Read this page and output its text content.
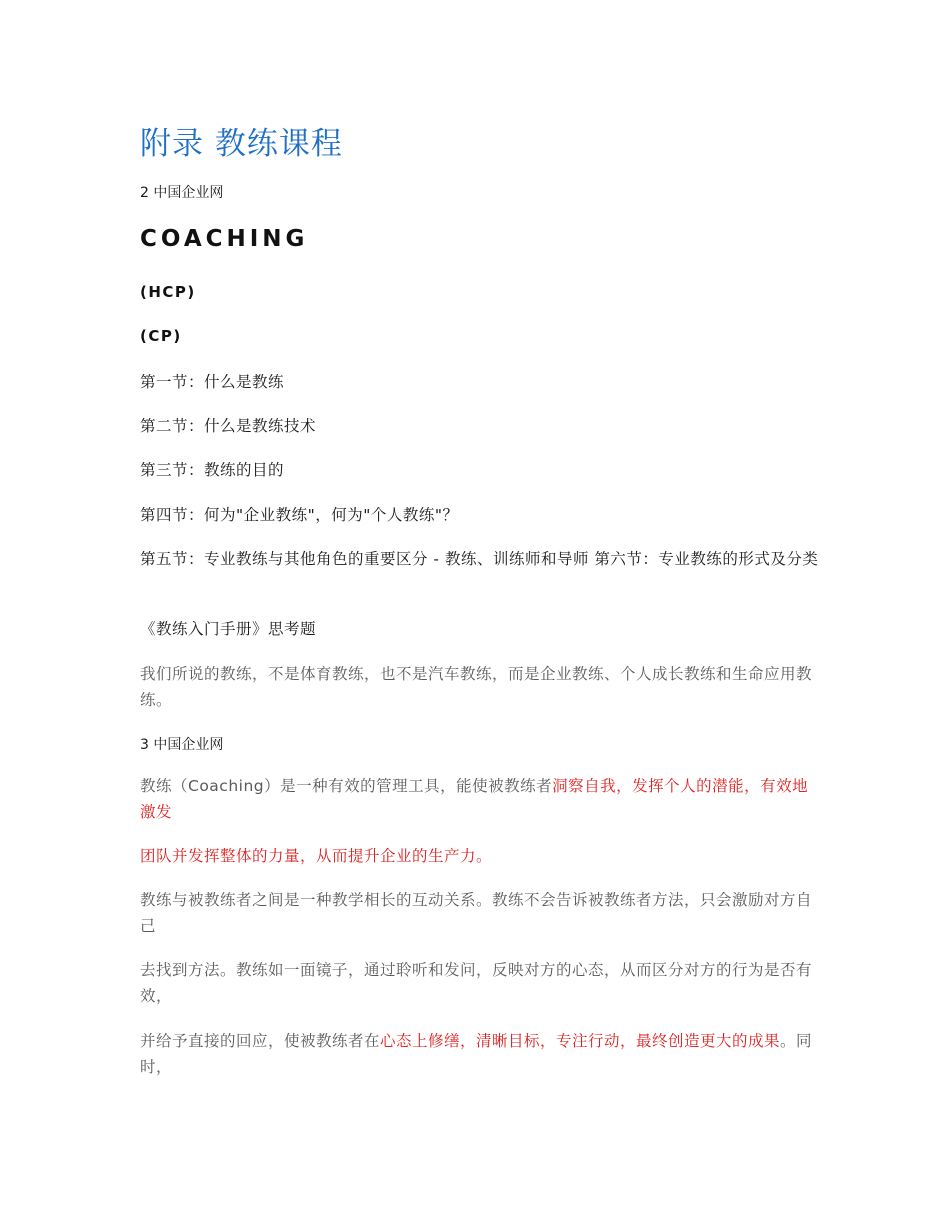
附录 教练课程
2 中国企业网
COACHING
(HCP)
(CP)
第一节：什么是教练
第二节：什么是教练技术
第三节：教练的目的
第四节：何为"企业教练"，何为"个人教练"？
第五节：专业教练与其他角色的重要区分 - 教练、训练师和导师 第六节：专业教练的形式及分类
《教练入门手册》思考题
我们所说的教练，不是体育教练，也不是汽车教练，而是企业教练、个人成长教练和生命应用教练。
3 中国企业网
教练（Coaching）是一种有效的管理工具，能使被教练者洞察自我，发挥个人的潜能，有效地激发
团队并发挥整体的力量，从而提升企业的生产力。
教练与被教练者之间是一种教学相长的互动关系。教练不会告诉被教练者方法，只会激励对方自己
去找到方法。教练如一面镜子，通过聆听和发问，反映对方的心态，从而区分对方的行为是否有效，
并给予直接的回应，使被教练者在心态上修缮，清晰目标，专注行动，最终创造更大的成果。同时，
